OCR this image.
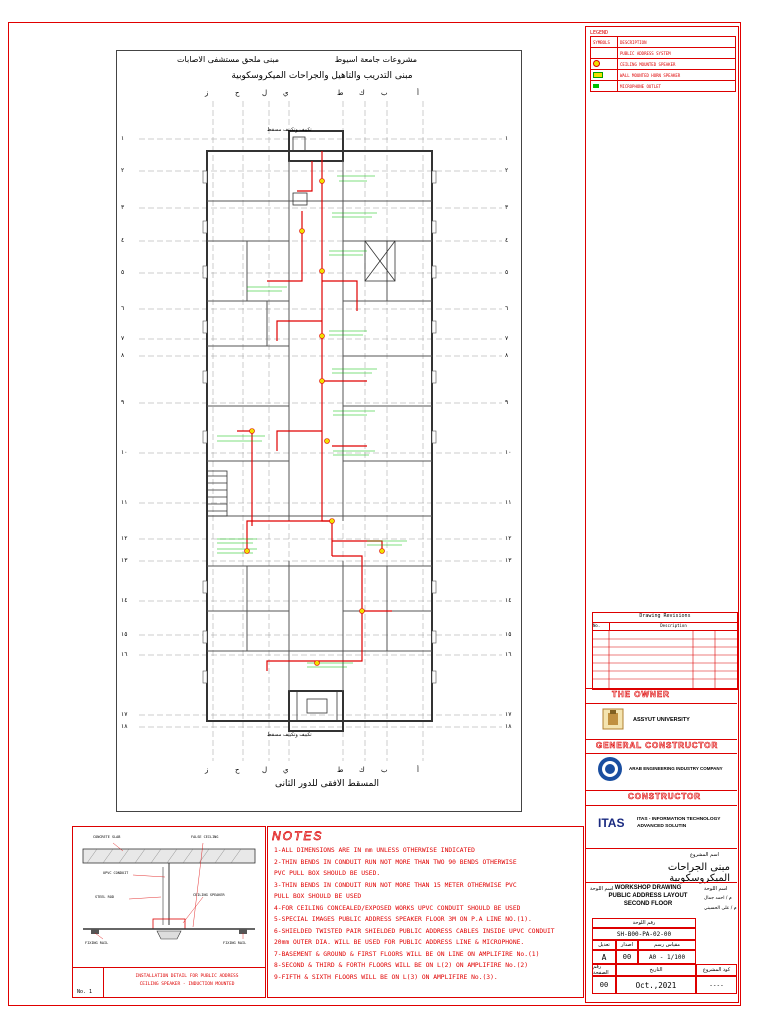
مشروعات جامعة اسيوط
مبنى ملحق مستشفى الاصابات
مبنى التدريب والتاهيل والجراحات الميكروسكوبية
ز	ح	ل ي	ط ك ب	أ
تكييف وتكييف مسقط
تكييف وتكييف مسقط
١	١
٢	٢
٣	٣
٤	٤
٥	٥
٦	٦
٧	٧
٨	٨
٩	٩
١٠	١٠
١١	١١
١٢	١٢
١٣	١٣
١٤	١٤
١٥	١٥
١٦	١٦
١٧	١٧
١٨	١٨
ز	ح	ل ي	ط ك ب	أ
المسقط الافقى للدور الثانى
LEGEND
SYMBOLS	DESCRIPTION
	PUBLIC ADDRESS SYSTEM
	CEILING MOUNTED SPEAKER
	WALL MOUNTED HORN SPEAKER
	MICROPHONE OUTLET
Drawing Revisions
No.	Description
THE OWNER
ASSYUT UNIVERSITY
GENERAL CONSTRUCTOR
ARAB ENGINEERING INDUSTRY COMPANY
CONSTRUCTOR
ITAS	ITAS - INFORMATION TECHNOLOGY
ADVANCED SOLUTIN
اسم المشروع
مبنى الجراحات الميكروسكوبية
اسم اللوحة WORKSHOP DRAWING
PUBLIC ADDRESS LAYOUT
SECOND FLOOR
اسم اللوحة
م / احمد جمال
م / على الحسيني
رقم اللوحة
SH-B00-PA-02-00
تعديل اصدار	مقياس رسم
A 00	A0 - 1/100
رقم الصفحة	التاريخ	كود المشروع
00	Oct.,2021	----
NOTES
1-ALL DIMENSIONS ARE IN mm UNLESS OTHERWISE INDICATED
2-THIN BENDS IN CONDUIT RUN NOT MORE THAN TWO 90 BENDS OTHERWISE
PVC PULL BOX SHOULD BE USED.
3-THIN BENDS IN CONDUIT RUN NOT MORE THAN 15 METER OTHERWISE PVC
PULL BOX SHOULD BE USED
4-FOR CEILING CONCEALED/EXPOSED WORKS UPVC CONDUIT SHOULD BE USED
5-SPECIAL IMAGES PUBLIC ADDRESS SPEAKER FLOOR 3M ON P.A LINE NO.(1).
6-SHIELDED TWISTED PAIR SHIELDED PUBLIC ADDRESS CABLES INSIDE UPVC CONDUIT
20mm OUTER DIA. WILL BE USED FOR PUBLIC ADDRESS LINE & MICROPHONE.
7-BASEMENT & GROUND & FIRST FLOORS WILL BE ON LINE ON AMPLIFIRE No.(1)
8-SECOND & THIRD & FORTH FLOORS WILL BE ON L(2) ON AMPLIFIRE No.(2)
9-FIFTH & SIXTH FLOORS WILL BE ON L(3) ON AMPLIFIRE No.(3).
CONCRETE SLAB	FALSE CEILING
UPVC CONDUIT
STEEL ROD	CEILING SPEAKER
FIXING RAIL	FIXING RAIL
No. 1
INSTALLATION DETAIL FOR PUBLIC ADDRESS
CEILING SPEAKER - INDUCTION MOUNTED
